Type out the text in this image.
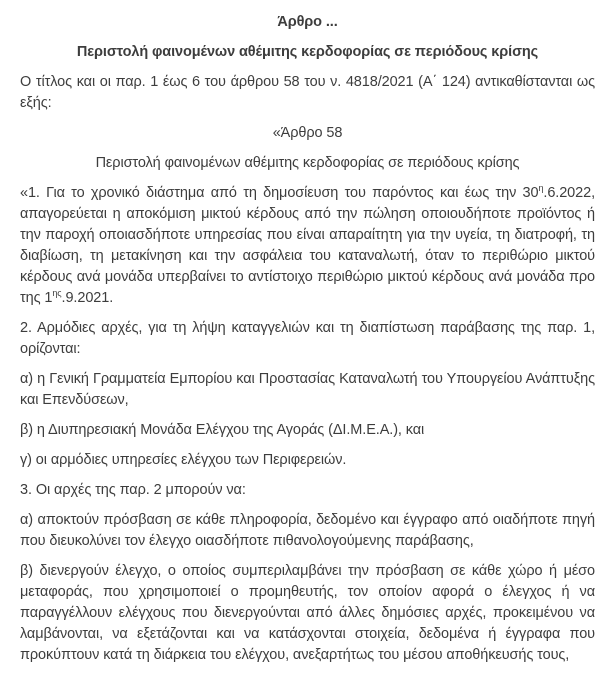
Άρθρο ...

Περιστολή φαινομένων αθέμιτης κερδοφορίας σε περιόδους κρίσης

Ο τίτλος και οι παρ. 1 έως 6 του άρθρου 58 του ν. 4818/2021 (Α΄ 124) αντικαθίστανται ως εξής:

«Άρθρο 58

Περιστολή φαινομένων αθέμιτης κερδοφορίας σε περιόδους κρίσης

«1. Για το χρονικό διάστημα από τη δημοσίευση του παρόντος και έως την $30^\eta.6.2022$, απαγορεύεται η αποκόμιση μικτού κέρδους από την πώληση οποιουδήποτε προϊόντος ή την παροχή οποιασδήποτε υπηρεσίας που είναι απαραίτητη για την υγεία, τη διατροφή, τη διαβίωση, τη μετακίνηση και την ασφάλεια του καταναλωτή, όταν το περιθώριο μικτού κέρδους ανά μονάδα υπερβαίνει το αντίστοιχο περιθώριο μικτού κέρδους ανά μονάδα προ της $1^{\eta\varsigma}.9.2021$.

2. Αρμόδιες αρχές, για τη λήψη καταγγελιών και τη διαπίστωση παράβασης της παρ. 1, ορίζονται:

α) η Γενική Γραμματεία Εμπορίου και Προστασίας Καταναλωτή του Υπουργείου Ανάπτυξης και Επενδύσεων,

β) η Διυπηρεσιακή Μονάδα Ελέγχου της Αγοράς (ΔΙ.Μ.Ε.Α.), και

γ) οι αρμόδιες υπηρεσίες ελέγχου των Περιφερειών.

3. Οι αρχές της παρ. 2 μπορούν να:

α) αποκτούν πρόσβαση σε κάθε πληροφορία, δεδομένο και έγγραφο από οιαδήποτε πηγή που διευκολύνει τον έλεγχο οιασδήποτε πιθανολογούμενης παράβασης,

β) διενεργούν έλεγχο, ο οποίος συμπεριλαμβάνει την πρόσβαση σε κάθε χώρο ή μέσο μεταφοράς, που χρησιμοποιεί ο προμηθευτής, τον οποίον αφορά ο έλεγχος ή να παραγγέλλουν ελέγχους που διενεργούνται από άλλες δημόσιες αρχές, προκειμένου να λαμβάνονται, να εξετάζονται και να κατάσχονται στοιχεία, δεδομένα ή έγγραφα που προκύπτουν κατά τη διάρκεια του ελέγχου, ανεξαρτήτως του μέσου αποθήκευσής τους,
